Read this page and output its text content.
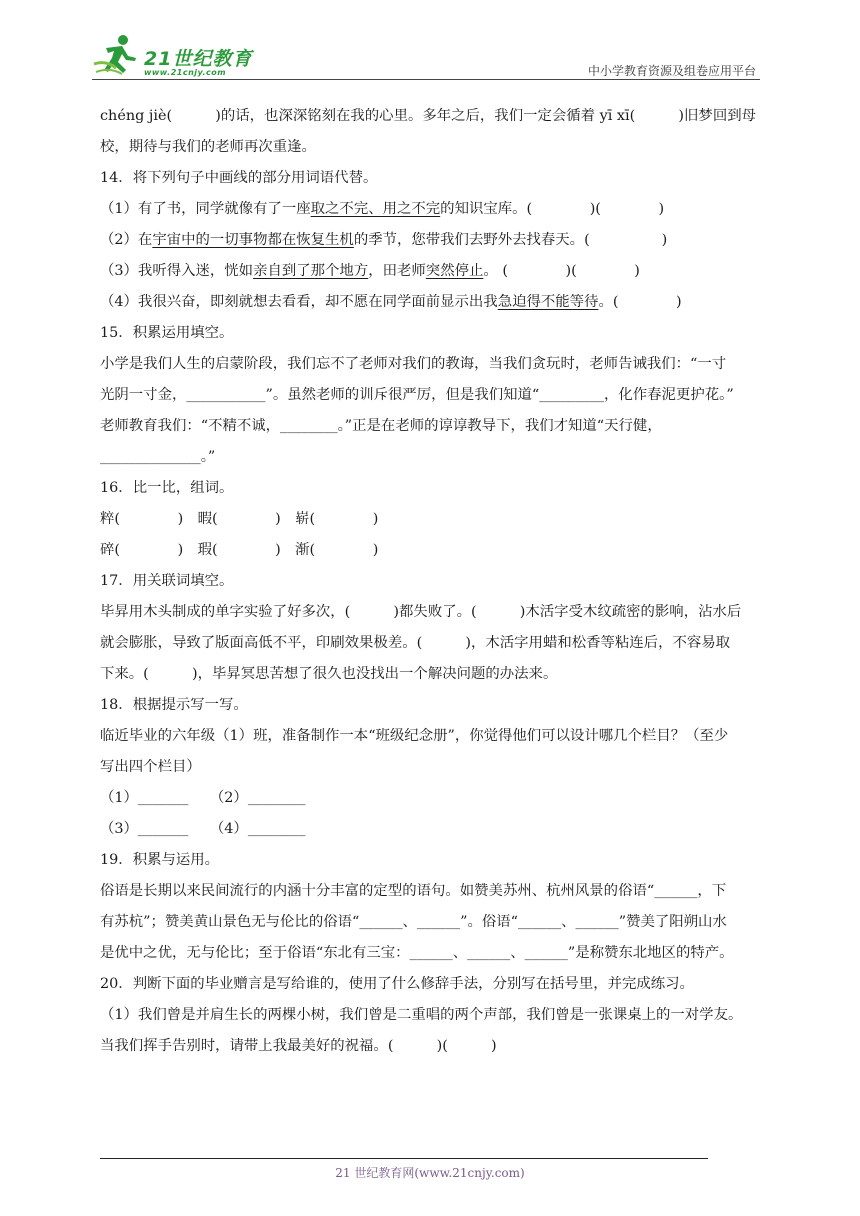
21世纪教育
www.21cnjy.com	中小学教育资源及组卷应用平台
chéng jiè(　　　)的话，也深深铭刻在我的心里。多年之后，我们一定会循着 yī xī(　　　)旧梦回到母
校，期待与我们的老师再次重逢。
14．将下列句子中画线的部分用词语代替。
（1）有了书，同学就像有了一座取之不完、用之不完的知识宝库。(　　　　)(　　　　)
（2）在宇宙中的一切事物都在恢复生机的季节，您带我们去野外去找春天。(　　　　　)
（3）我听得入迷，恍如亲自到了那个地方，田老师突然停止。 (　　　　)(　　　　)
（4）我很兴奋，即刻就想去看看，却不愿在同学面前显示出我急迫得不能等待。(　　　　)
15．积累运用填空。
小学是我们人生的启蒙阶段，我们忘不了老师对我们的教诲，当我们贪玩时，老师告诫我们：“一寸
光阴一寸金，___________”。虽然老师的训斥很严厉，但是我们知道“_________，化作春泥更护花。”
老师教育我们：“不精不诚，________。”正是在老师的谆谆教导下，我们才知道“天行健，
______________。”
16．比一比，组词。
粹(　　　　)　暇(　　　　)　崭(　　　　)
碎(　　　　)　瑕(　　　　)　渐(　　　　)
17．用关联词填空。
毕昇用木头制成的单字实验了好多次，(　　　)都失败了。(　　　)木活字受木纹疏密的影响，沾水后
就会膨胀，导致了版面高低不平，印刷效果极差。(　　　)，木活字用蜡和松香等粘连后，不容易取
下来。(　　　)，毕昇冥思苦想了很久也没找出一个解决问题的办法来。
18．根据提示写一写。
临近毕业的六年级（1）班，准备制作一本“班级纪念册”，你觉得他们可以设计哪几个栏目？（至少
写出四个栏目）
（1）_______　　（2）________
（3）_______　　（4）________
19．积累与运用。
俗语是长期以来民间流行的内涵十分丰富的定型的语句。如赞美苏州、杭州风景的俗语“______，下
有苏杭”；赞美黄山景色无与伦比的俗语“______、______”。俗语“______、______”赞美了阳朔山水
是优中之优，无与伦比；至于俗语“东北有三宝：______、______、______”是称赞东北地区的特产。
20．判断下面的毕业赠言是写给谁的，使用了什么修辞手法，分别写在括号里，并完成练习。
（1）我们曾是并肩生长的两棵小树，我们曾是二重唱的两个声部，我们曾是一张课桌上的一对学友。
当我们挥手告别时，请带上我最美好的祝福。(　　　)(　　　)
21 世纪教育网(www.21cnjy.com)
